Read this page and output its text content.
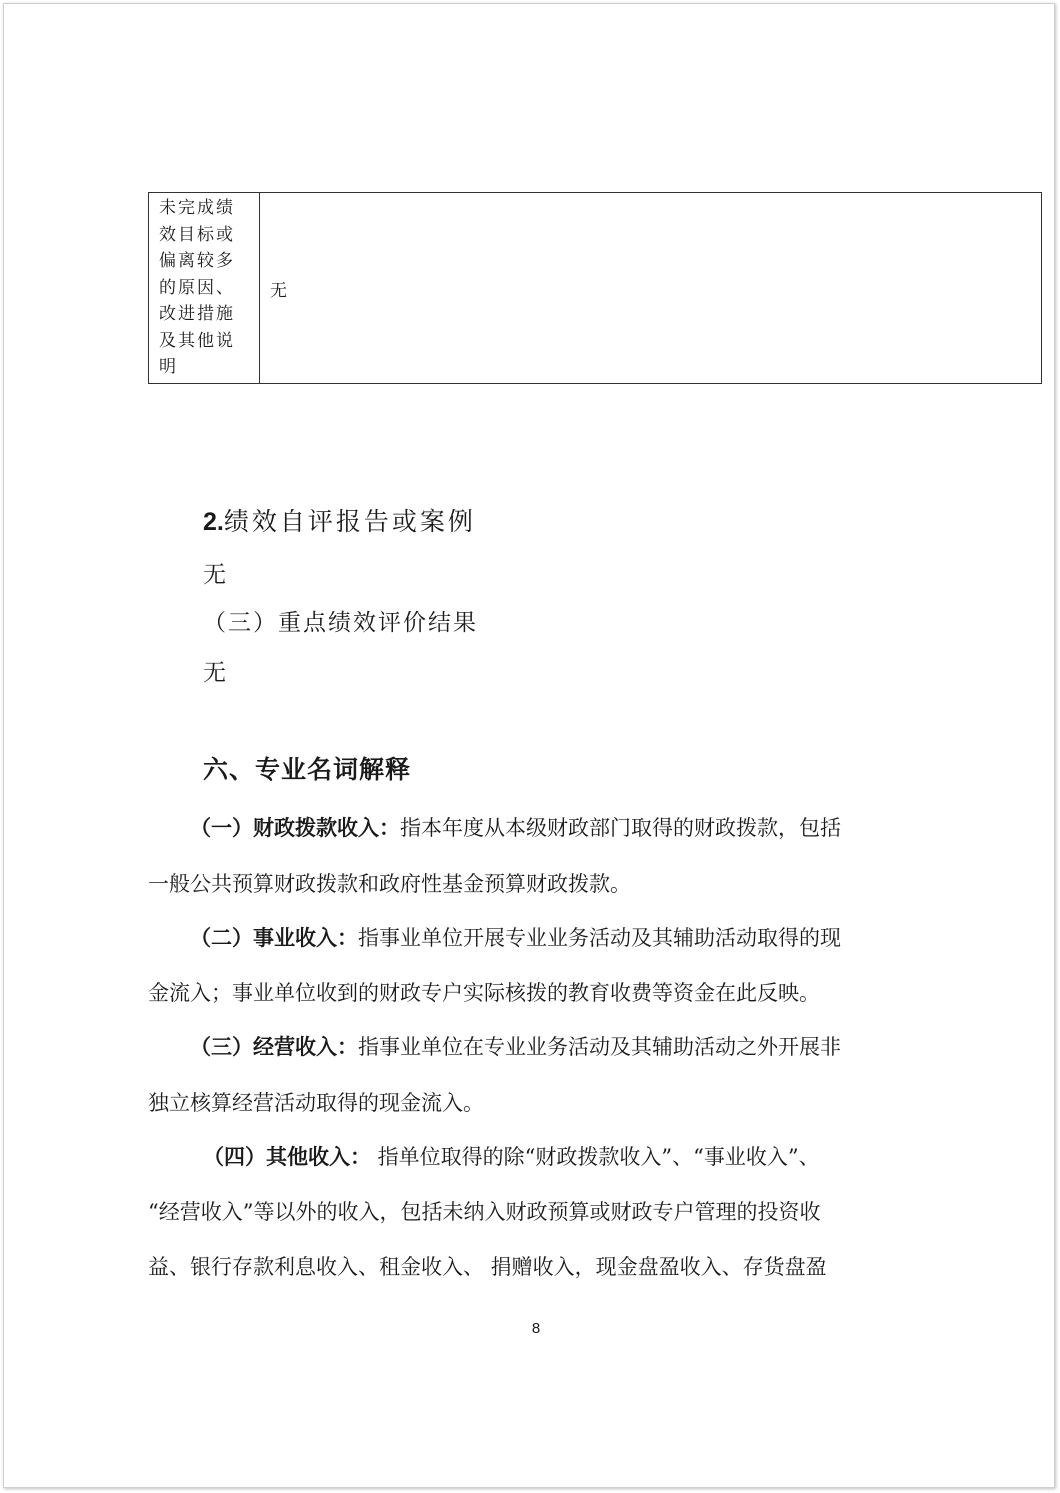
未完成绩效目标或偏离较多的原因、改进措施及其他说明	无

2.绩效自评报告或案例

无

（三）重点绩效评价结果

无

六、专业名词解释

（一）财政拨款收入：指本年度从本级财政部门取得的财政拨款，包括

一般公共预算财政拨款和政府性基金预算财政拨款。

（二）事业收入：指事业单位开展专业业务活动及其辅助活动取得的现

金流入；事业单位收到的财政专户实际核拨的教育收费等资金在此反映。

（三）经营收入：指事业单位在专业业务活动及其辅助活动之外开展非

独立核算经营活动取得的现金流入。

（四）其他收入： 指单位取得的除“财政拨款收入”、“事业收入”、

“经营收入”等以外的收入，包括未纳入财政预算或财政专户管理的投资收

益、银行存款利息收入、租金收入、 捐赠收入，现金盘盈收入、存货盘盈

8
